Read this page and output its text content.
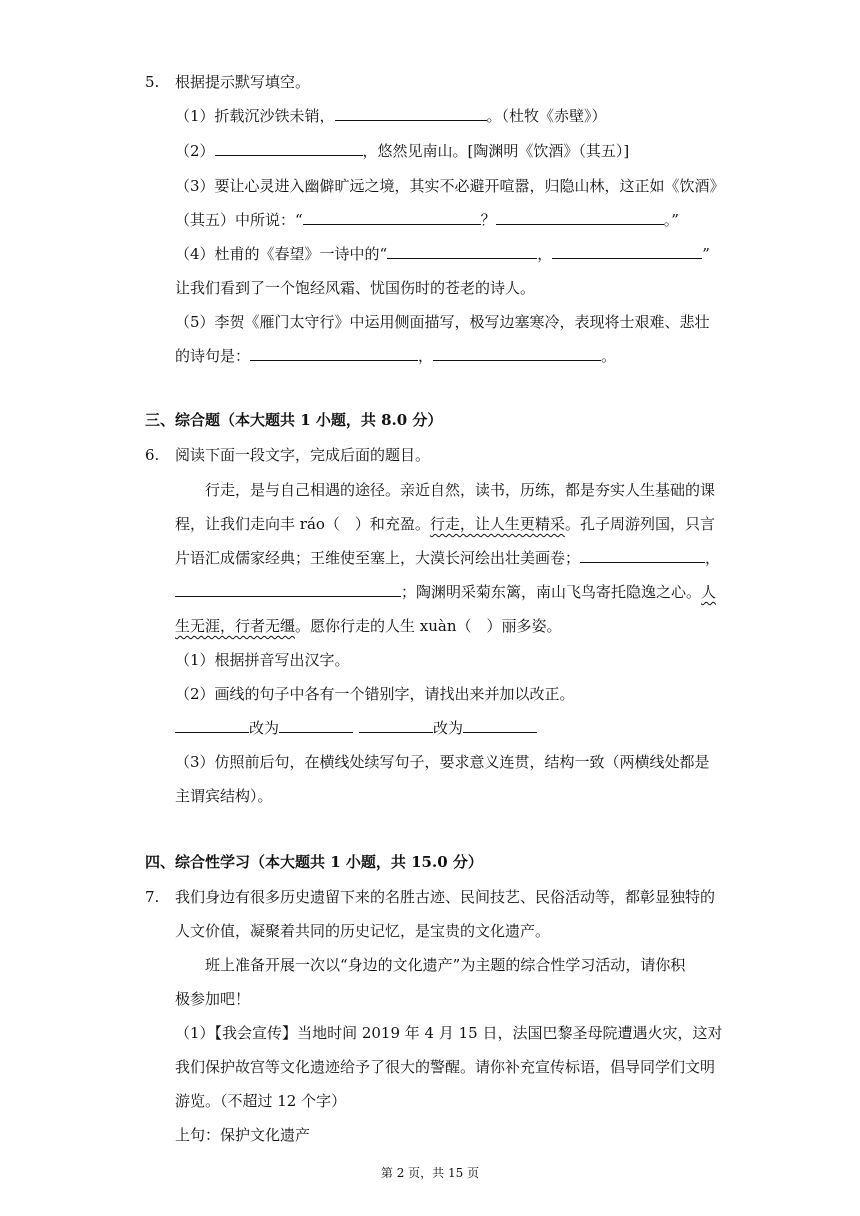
5. 根据提示默写填空。
（1）折载沉沙铁未销，	。（杜牧《赤壁》）
（2）	，悠然见南山。[陶渊明《饮酒》（其五）]
（3）要让心灵进入幽僻旷远之境，其实不必避开喧嚣，归隐山林，这正如《饮酒》
（其五）中所说：“	？	。”
（4）杜甫的《春望》一诗中的“	，	”
让我们看到了一个饱经风霜、忧国伤时的苍老的诗人。
（5）李贺《雁门太守行》中运用侧面描写，极写边塞寒冷，表现将士艰难、悲壮
的诗句是：	，	。
三、综合题（本大题共 1 小题，共 8.0 分）
6. 阅读下面一段文字，完成后面的题目。
行走，是与自己相遇的途径。亲近自然，读书，历练，都是夯实人生基础的课
程，让我们走向丰 ráo（　）和充盈。行走，让人生更精采。孔子周游列国，只言
片语汇成儒家经典；王维使至塞上，大漠长河绘出壮美画卷；	，
；陶渊明采菊东篱，南山飞鸟寄托隐逸之心。人
生无涯，行者无缰。愿你行走的人生 xuàn（　）丽多姿。
（1）根据拼音写出汉字。
（2）画线的句子中各有一个错别字，请找出来并加以改正。
改为	改为
（3）仿照前后句，在横线处续写句子，要求意义连贯，结构一致（两横线处都是
主谓宾结构）。
四、综合性学习（本大题共 1 小题，共 15.0 分）
7. 我们身边有很多历史遗留下来的名胜古迹、民间技艺、民俗活动等，都彰显独特的
人文价值，凝聚着共同的历史记忆，是宝贵的文化遗产。
班上准备开展一次以“身边的文化遗产”为主题的综合性学习活动，请你积
极参加吧！
（1）【我会宣传】当地时间 2019 年 4 月 15 日，法国巴黎圣母院遭遇火灾，这对
我们保护故宫等文化遗迹给予了很大的警醒。请你补充宣传标语，倡导同学们文明
游览。（不超过 12 个字）
上句：保护文化遗产
第 2 页，共 15 页
